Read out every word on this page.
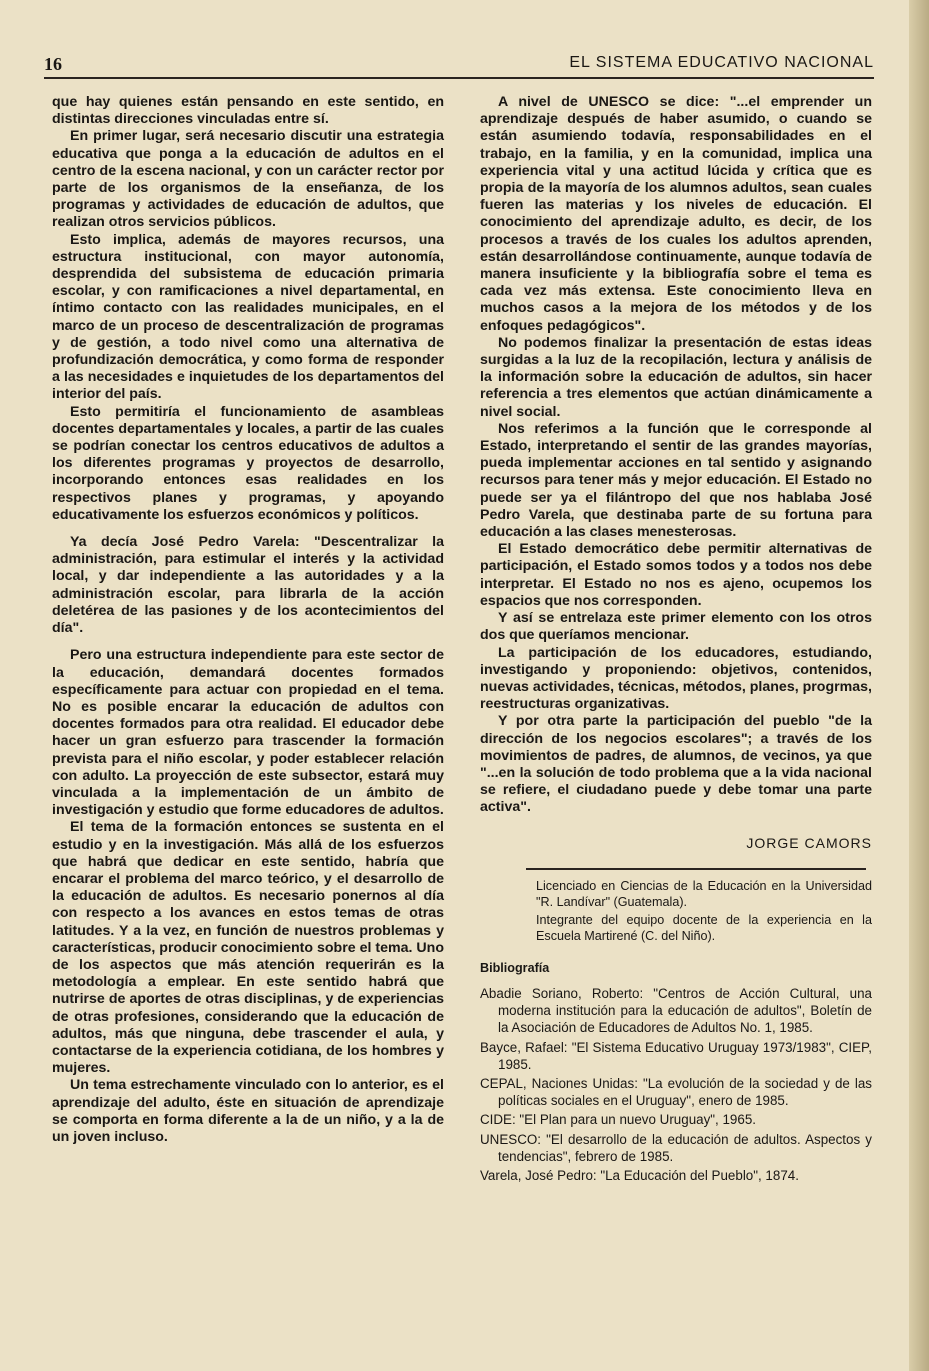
16	EL SISTEMA EDUCATIVO NACIONAL

que hay quienes están pensando en este sentido, en distintas direcciones vinculadas entre sí.

En primer lugar, será necesario discutir una estrategia educativa que ponga a la educación de adultos en el centro de la escena nacional, y con un carácter rector por parte de los organismos de la enseñanza, de los programas y actividades de educación de adultos, que realizan otros servicios públicos.

Esto implica, además de mayores recursos, una estructura institucional, con mayor autonomía, desprendida del subsistema de educación primaria escolar, y con ramificaciones a nivel departamental, en íntimo contacto con las realidades municipales, en el marco de un proceso de descentralización de programas y de gestión, a todo nivel como una alternativa de profundización democrática, y como forma de responder a las necesidades e inquietudes de los departamentos del interior del país.

Esto permitiría el funcionamiento de asambleas docentes departamentales y locales, a partir de las cuales se podrían conectar los centros educativos de adultos a los diferentes programas y proyectos de desarrollo, incorporando entonces esas realidades en los respectivos planes y programas, y apoyando educativamente los esfuerzos económicos y políticos.

Ya decía José Pedro Varela: "Descentralizar la administración, para estimular el interés y la actividad local, y dar independiente a las autoridades y a la administración escolar, para librarla de la acción deletérea de las pasiones y de los acontecimientos del día".

Pero una estructura independiente para este sector de la educación, demandará docentes formados específicamente para actuar con propiedad en el tema. No es posible encarar la educación de adultos con docentes formados para otra realidad. El educador debe hacer un gran esfuerzo para trascender la formación prevista para el niño escolar, y poder establecer relación con adulto. La proyección de este subsector, estará muy vinculada a la implementación de un ámbito de investigación y estudio que forme educadores de adultos.

El tema de la formación entonces se sustenta en el estudio y en la investigación. Más allá de los esfuerzos que habrá que dedicar en este sentido, habría que encarar el problema del marco teórico, y el desarrollo de la educación de adultos. Es necesario ponernos al día con respecto a los avances en estos temas de otras latitudes. Y a la vez, en función de nuestros problemas y características, producir conocimiento sobre el tema. Uno de los aspectos que más atención requerirán es la metodología a emplear. En este sentido habrá que nutrirse de aportes de otras disciplinas, y de experiencias de otras profesiones, considerando que la educación de adultos, más que ninguna, debe trascender el aula, y contactarse de la experiencia cotidiana, de los hombres y mujeres.

Un tema estrechamente vinculado con lo anterior, es el aprendizaje del adulto, éste en situación de aprendizaje se comporta en forma diferente a la de un niño, y a la de un joven incluso.

A nivel de UNESCO se dice: "...el emprender un aprendizaje después de haber asumido, o cuando se están asumiendo todavía, responsabilidades en el trabajo, en la familia, y en la comunidad, implica una experiencia vital y una actitud lúcida y crítica que es propia de la mayoría de los alumnos adultos, sean cuales fueren las materias y los niveles de educación. El conocimiento del aprendizaje adulto, es decir, de los procesos a través de los cuales los adultos aprenden, están desarrollándose continuamente, aunque todavía de manera insuficiente y la bibliografía sobre el tema es cada vez más extensa. Este conocimiento lleva en muchos casos a la mejora de los métodos y de los enfoques pedagógicos".

No podemos finalizar la presentación de estas ideas surgidas a la luz de la recopilación, lectura y análisis de la información sobre la educación de adultos, sin hacer referencia a tres elementos que actúan dinámicamente a nivel social.

Nos referimos a la función que le corresponde al Estado, interpretando el sentir de las grandes mayorías, pueda implementar acciones en tal sentido y asignando recursos para tener más y mejor educación. El Estado no puede ser ya el filántropo del que nos hablaba José Pedro Varela, que destinaba parte de su fortuna para educación a las clases menesterosas.

El Estado democrático debe permitir alternativas de participación, el Estado somos todos y a todos nos debe interpretar. El Estado no nos es ajeno, ocupemos los espacios que nos corresponden.

Y así se entrelaza este primer elemento con los otros dos que queríamos mencionar.

La participación de los educadores, estudiando, investigando y proponiendo: objetivos, contenidos, nuevas actividades, técnicas, métodos, planes, progrmas, reestructuras organizativas.

Y por otra parte la participación del pueblo "de la dirección de los negocios escolares"; a través de los movimientos de padres, de alumnos, de vecinos, ya que "...en la solución de todo problema que a la vida nacional se refiere, el ciudadano puede y debe tomar una parte activa".

JORGE CAMORS

Licenciado en Ciencias de la Educación en la Universidad "R. Landívar" (Guatemala).

Integrante del equipo docente de la experiencia en la Escuela Martirené (C. del Niño).

Bibliografía

Abadie Soriano, Roberto: "Centros de Acción Cultural, una moderna institución para la educación de adultos", Boletín de la Asociación de Educadores de Adultos No. 1, 1985.

Bayce, Rafael: "El Sistema Educativo Uruguay 1973/1983", CIEP, 1985.

CEPAL, Naciones Unidas: "La evolución de la sociedad y de las políticas sociales en el Uruguay", enero de 1985.

CIDE: "El Plan para un nuevo Uruguay", 1965.

UNESCO: "El desarrollo de la educación de adultos. Aspectos y tendencias", febrero de 1985.

Varela, José Pedro: "La Educación del Pueblo", 1874.
